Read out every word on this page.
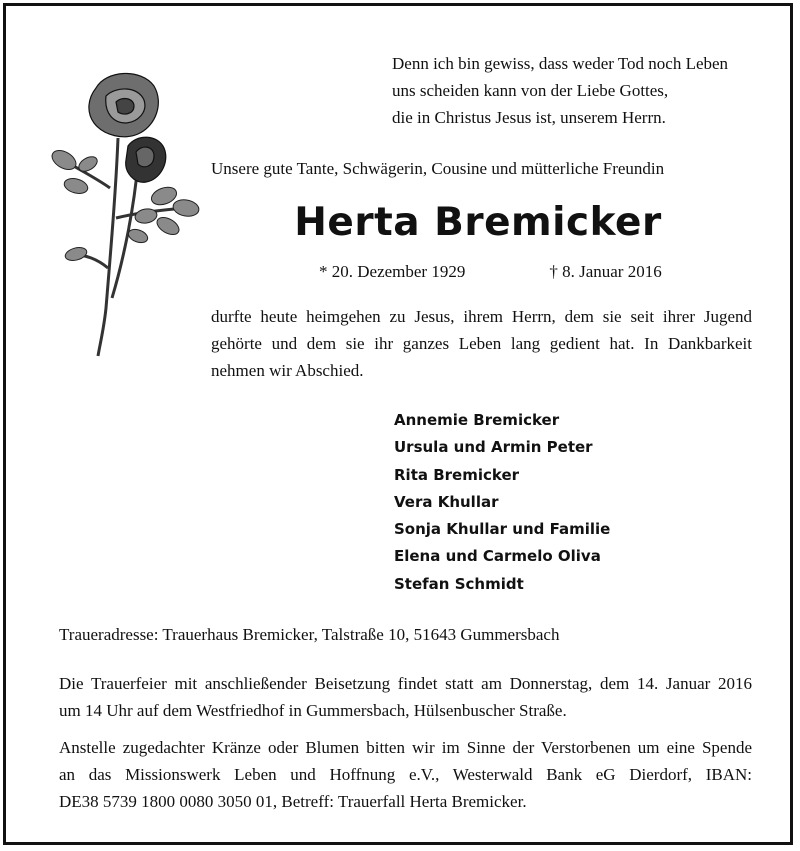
Denn ich bin gewiss, dass weder Tod noch Leben
uns scheiden kann von der Liebe Gottes,
die in Christus Jesus ist, unserem Herrn.
Unsere gute Tante, Schwägerin, Cousine und mütterliche Freundin
Herta Bremicker
* 20. Dezember 1929	† 8. Januar 2016
durfte heute heimgehen zu Jesus, ihrem Herrn, dem sie seit ihrer Jugend
gehörte und dem sie ihr ganzes Leben lang gedient hat. In Dankbarkeit
nehmen wir Abschied.
Annemie Bremicker
Ursula und Armin Peter
Rita Bremicker
Vera Khullar
Sonja Khullar und Familie
Elena und Carmelo Oliva
Stefan Schmidt
Traueradresse: Trauerhaus Bremicker, Talstraße 10, 51643 Gummersbach
Die Trauerfeier mit anschließender Beisetzung findet statt am Donnerstag, dem 14. Januar 2016
um 14 Uhr auf dem Westfriedhof in Gummersbach, Hülsenbuscher Straße.
Anstelle zugedachter Kränze oder Blumen bitten wir im Sinne der Verstorbenen um eine Spende
an das Missionswerk Leben und Hoffnung e.V., Westerwald Bank eG Dierdorf, IBAN:
DE38 5739 1800 0080 3050 01, Betreff: Trauerfall Herta Bremicker.
